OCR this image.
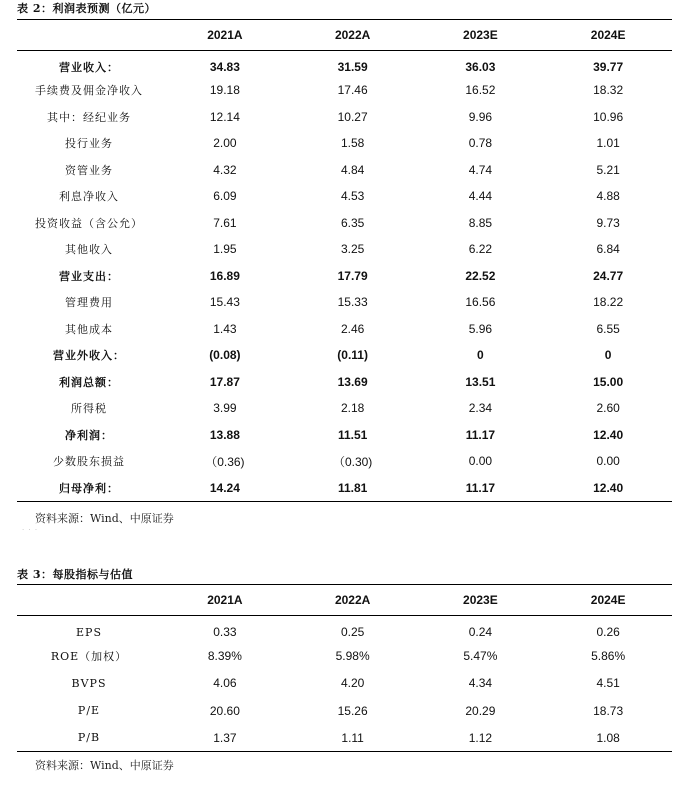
表 2：利润表预测（亿元）
	2021A	2022A	2023E	2024E
营业收入：	34.83	31.59	36.03	39.77
手续费及佣金净收入	19.18	17.46	16.52	18.32
其中：经纪业务	12.14	10.27	9.96	10.96
投行业务	2.00	1.58	0.78	1.01
资管业务	4.32	4.84	4.74	5.21
利息净收入	6.09	4.53	4.44	4.88
投资收益（含公允）	7.61	6.35	8.85	9.73
其他收入	1.95	3.25	6.22	6.84
营业支出：	16.89	17.79	22.52	24.77
管理费用	15.43	15.33	16.56	18.22
其他成本	1.43	2.46	5.96	6.55
营业外收入：	(0.08)	(0.11)	0	0
利润总额：	17.87	13.69	13.51	15.00
所得税	3.99	2.18	2.34	2.60
净利润：	13.88	11.51	11.17	12.40
少数股东损益	（0.36)	（0.30)	0.00	0.00
归母净利：	14.24	11.81	11.17	12.40
资料来源：Wind、中原证券
· · ·
表 3：每股指标与估值
	2021A	2022A	2023E	2024E
EPS	0.33	0.25	0.24	0.26
ROE（加权）	8.39%	5.98%	5.47%	5.86%
BVPS	4.06	4.20	4.34	4.51
P/E	20.60	15.26	20.29	18.73
P/B	1.37	1.11	1.12	1.08
资料来源：Wind、中原证券
